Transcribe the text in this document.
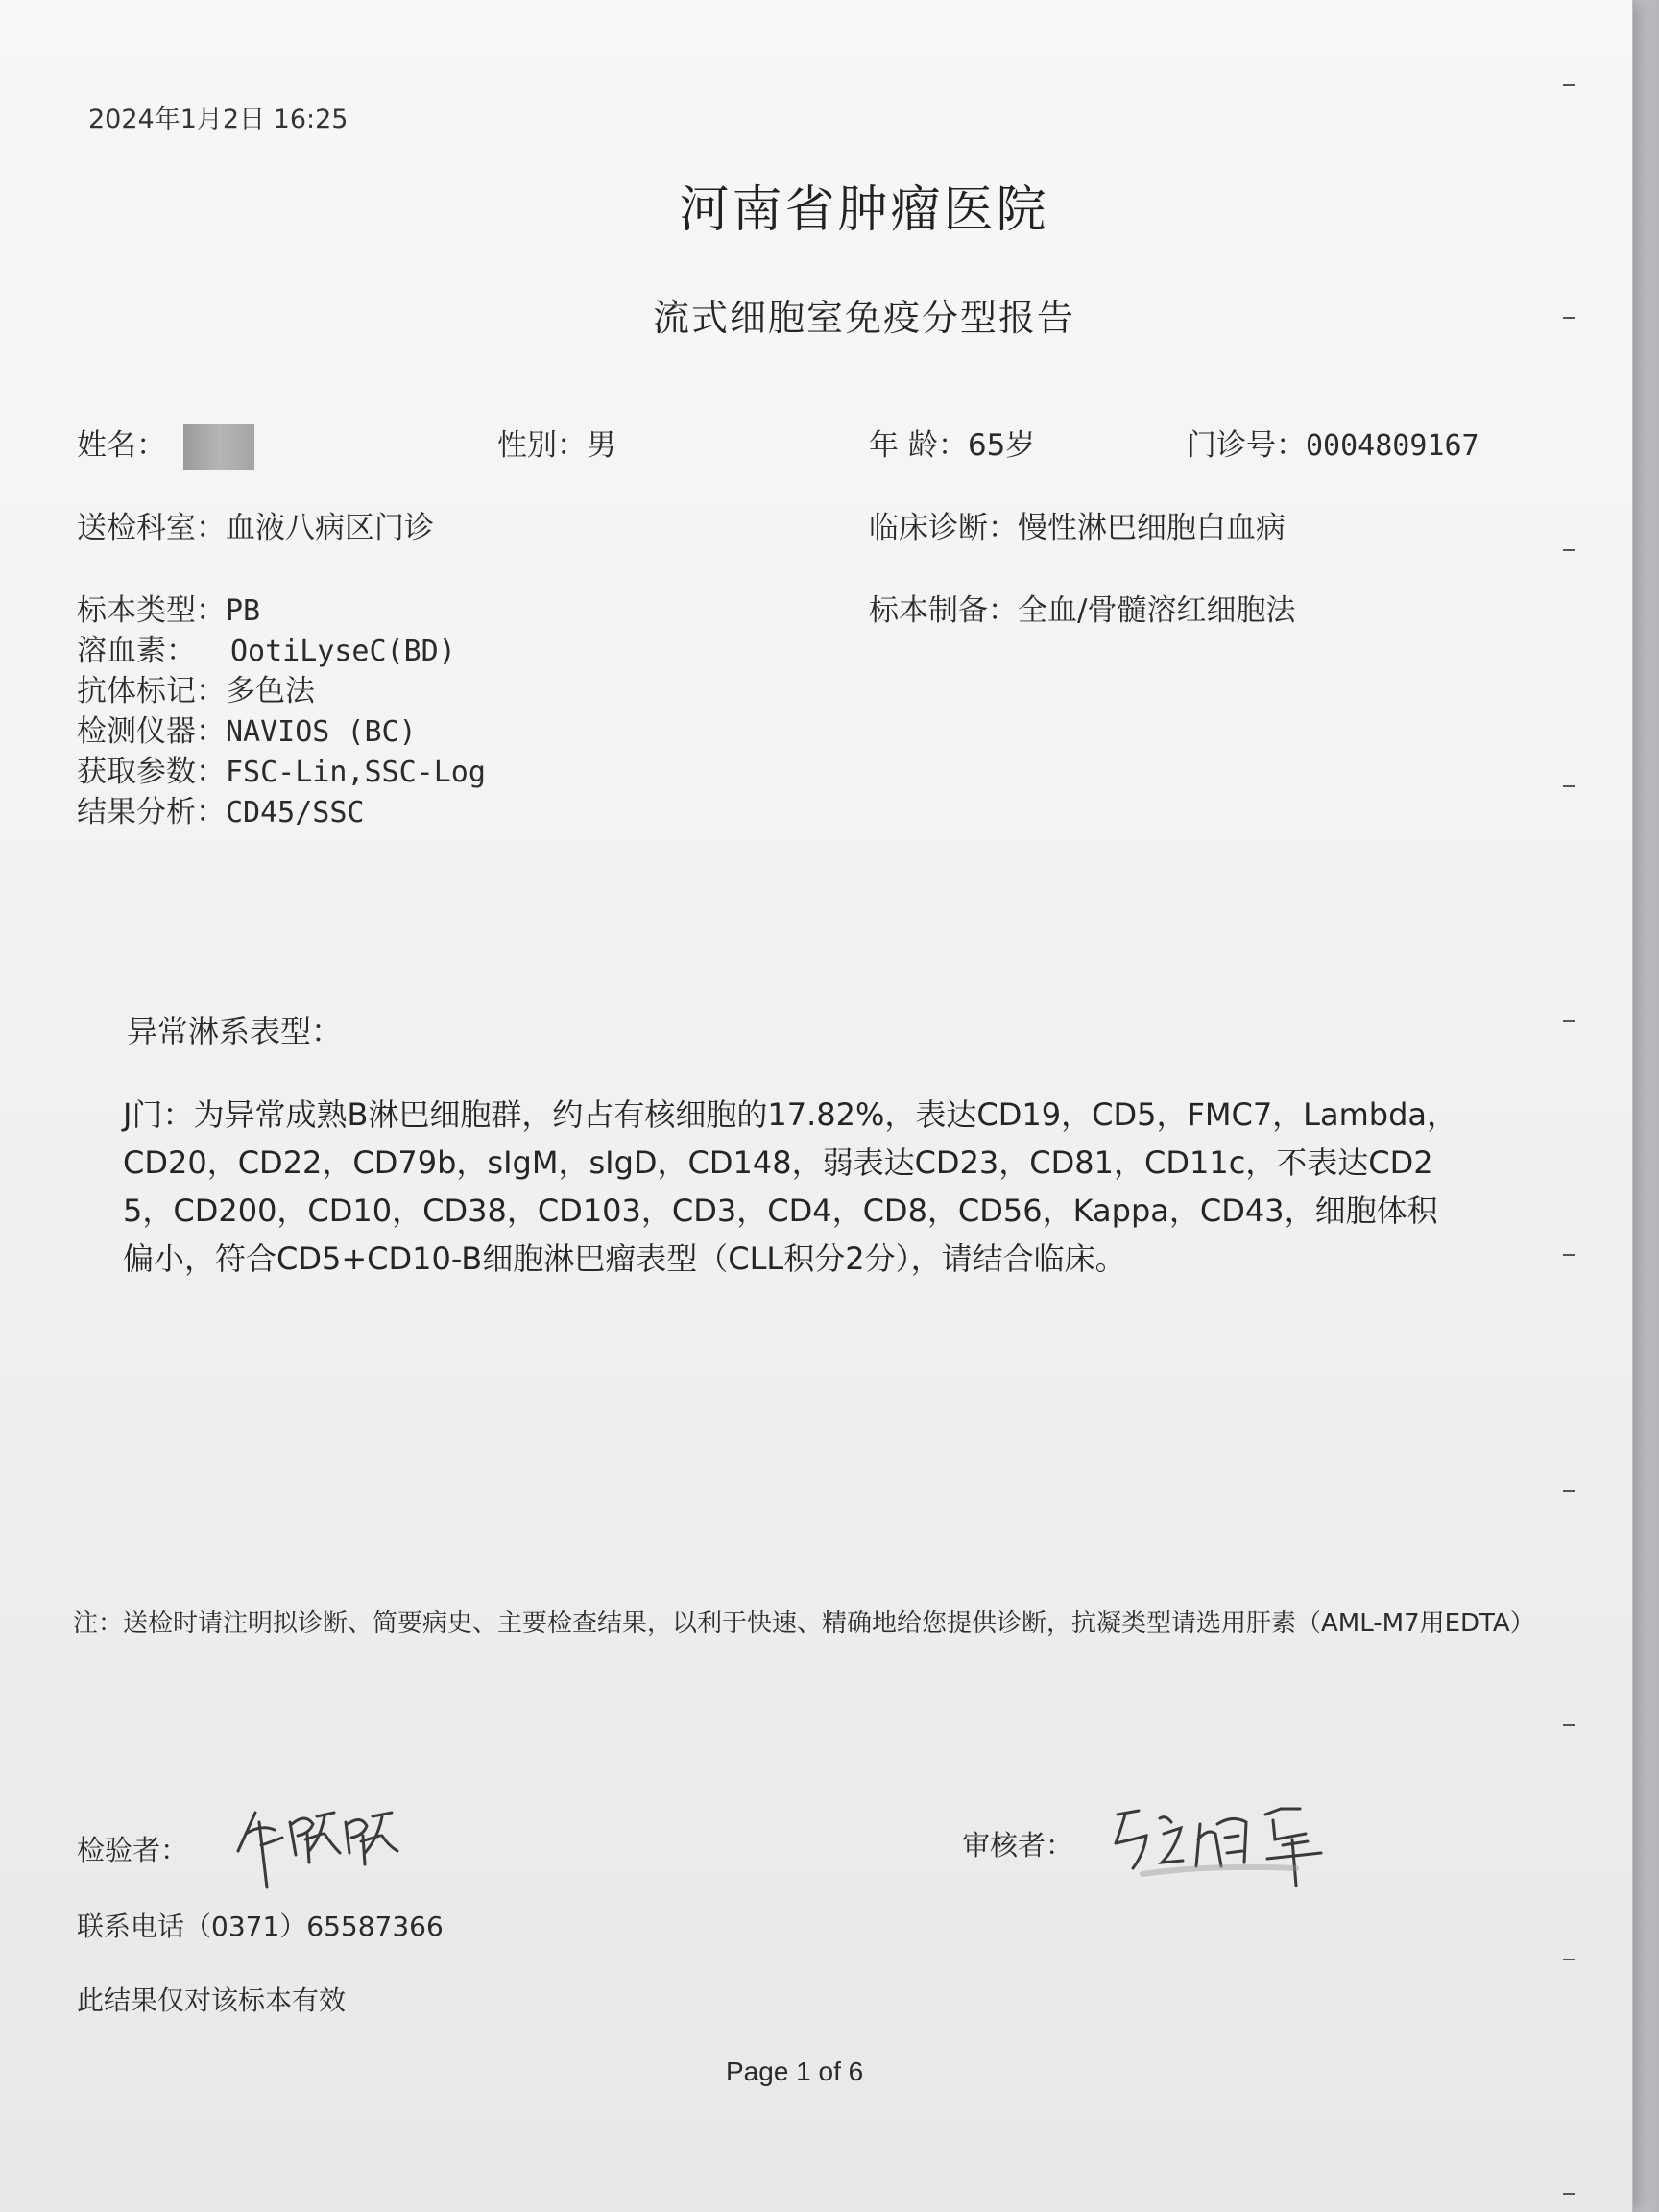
2024年1月2日 16:25
河南省肿瘤医院
流式细胞室免疫分型报告
姓名：	性别：男	年 龄：65岁	门诊号：0004809167
送检科室：血液八病区门诊	临床诊断：慢性淋巴细胞白血病
标本类型：PB	标本制备：全血/骨髓溶红细胞法
溶血素： OotiLyseC(BD)
抗体标记：多色法
检测仪器：NAVIOS (BC)
获取参数：FSC-Lin,SSC-Log
结果分析：CD45/SSC
异常淋系表型：
J门：为异常成熟B淋巴细胞群，约占有核细胞的17.82%，表达CD19，CD5，FMC7，Lambda，CD20，CD22，CD79b，sIgM，sIgD，CD148，弱表达CD23，CD81，CD11c，不表达CD25，CD200，CD10，CD38，CD103，CD3，CD4，CD8，CD56，Kappa，CD43，细胞体积偏小，符合CD5+CD10-B细胞淋巴瘤表型（CLL积分2分），请结合临床。
注：送检时请注明拟诊断、简要病史、主要检查结果，以利于快速、精确地给您提供诊断，抗凝类型请选用肝素（AML-M7用EDTA）
检验者：	审核者：
联系电话（0371）65587366
此结果仅对该标本有效
Page 1 of 6
